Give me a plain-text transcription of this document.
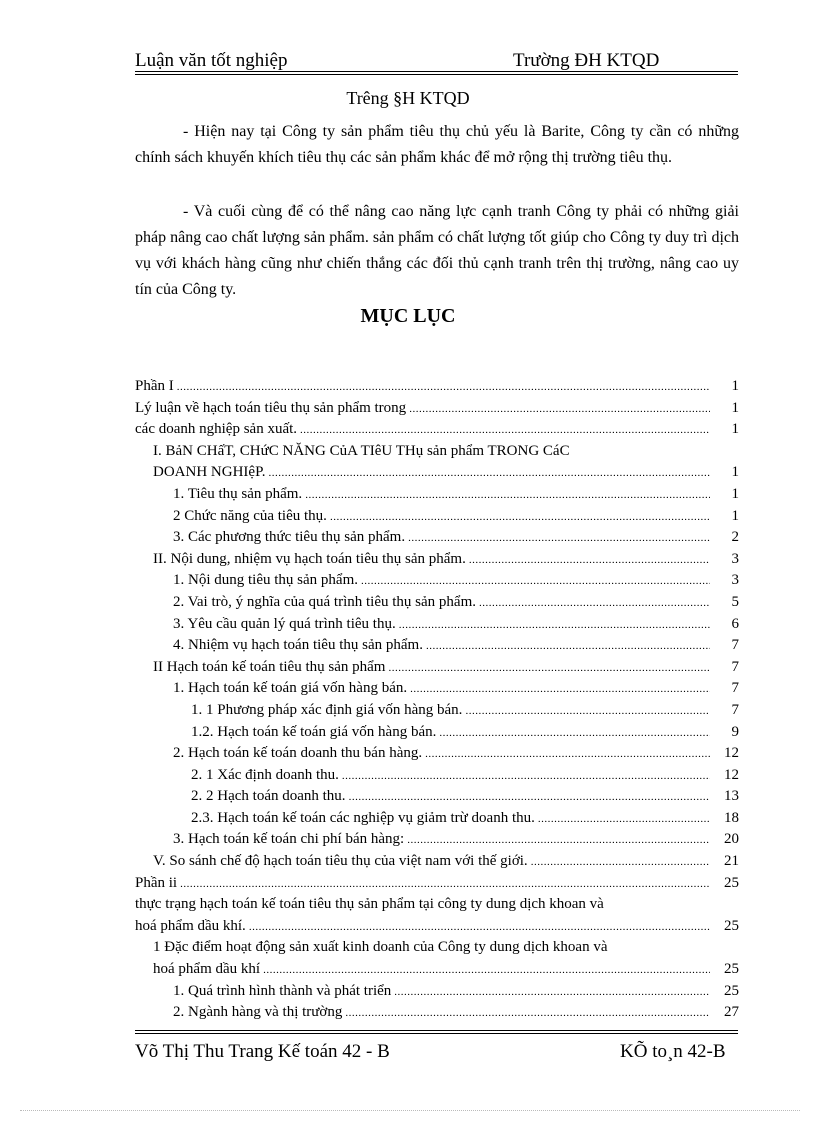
Luận văn tốt nghiệp	Trường ĐH KTQD
Trêng §H KTQD

- Hiện nay tại Công ty sản phẩm tiêu thụ chủ yếu là Barite, Công ty cần có những chính sách khuyến khích tiêu thụ các sản phẩm khác để mở rộng thị trường tiêu thụ.

- Và cuối cùng để có thể nâng cao năng lực cạnh tranh Công ty phải có những giải pháp nâng cao chất lượng sản phẩm. sản phẩm có chất lượng tốt giúp cho Công ty duy trì dịch vụ với khách hàng cũng như chiến thắng các đối thủ cạnh tranh trên thị trường, nâng cao uy tín của Công ty.

MỤC LỤC
Phần I .....	1
Lý luận về hạch toán tiêu thụ sản phẩm trong .....	1
các doanh nghiệp sản xuất. .....	1
I. BảN CHấT, CHứC NĂNG CủA TIêU THụ sản phẩm TRONG CáC
DOANH NGHIệP. .....	1
1. Tiêu thụ sản phẩm. .....	1
2 Chức năng của tiêu thụ. .....	1
3. Các phương thức tiêu thụ sản phẩm. .....	2
II. Nội dung, nhiệm vụ hạch toán tiêu thụ sản phẩm. .....	3
1. Nội dung tiêu thụ sản phẩm. .....	3
2. Vai trò, ý nghĩa của quá trình tiêu thụ sản phẩm. .....	5
3. Yêu cầu quản lý quá trình tiêu thụ. .....	6
4. Nhiệm vụ hạch toán tiêu thụ sản phẩm. .....	7
II Hạch toán kế toán tiêu thụ sản phẩm .....	7
1. Hạch toán kế toán giá vốn hàng bán. .....	7
1. 1 Phương pháp xác định giá vốn hàng bán. .....	7
1.2. Hạch toán kế toán giá vốn hàng bán. .....	9
2. Hạch toán kế toán doanh thu bán hàng. .....	12
2. 1 Xác định doanh thu. .....	12
2. 2 Hạch toán doanh thu. .....	13
2.3. Hạch toán kế toán các nghiệp vụ giảm trừ doanh thu. .....	18
3. Hạch toán kế toán chi phí bán hàng: .....	20
V. So sánh chế độ hạch toán tiêu thụ của việt nam với thế giới. .....	21
Phần ii .....	25
thực trạng hạch toán kế toán tiêu thụ sản phẩm tại công ty dung dịch khoan và
hoá phẩm dầu khí. .....	25
1 Đặc điểm hoạt động sản xuất kinh doanh của Công ty dung dịch khoan và
hoá phẩm dầu khí .....	25
1. Quá trình hình thành và phát triển .....	25
2. Ngành hàng và thị trường .....	27
Võ Thị Thu Trang Kế toán 42 - B	KÕ to¸n 42-B
